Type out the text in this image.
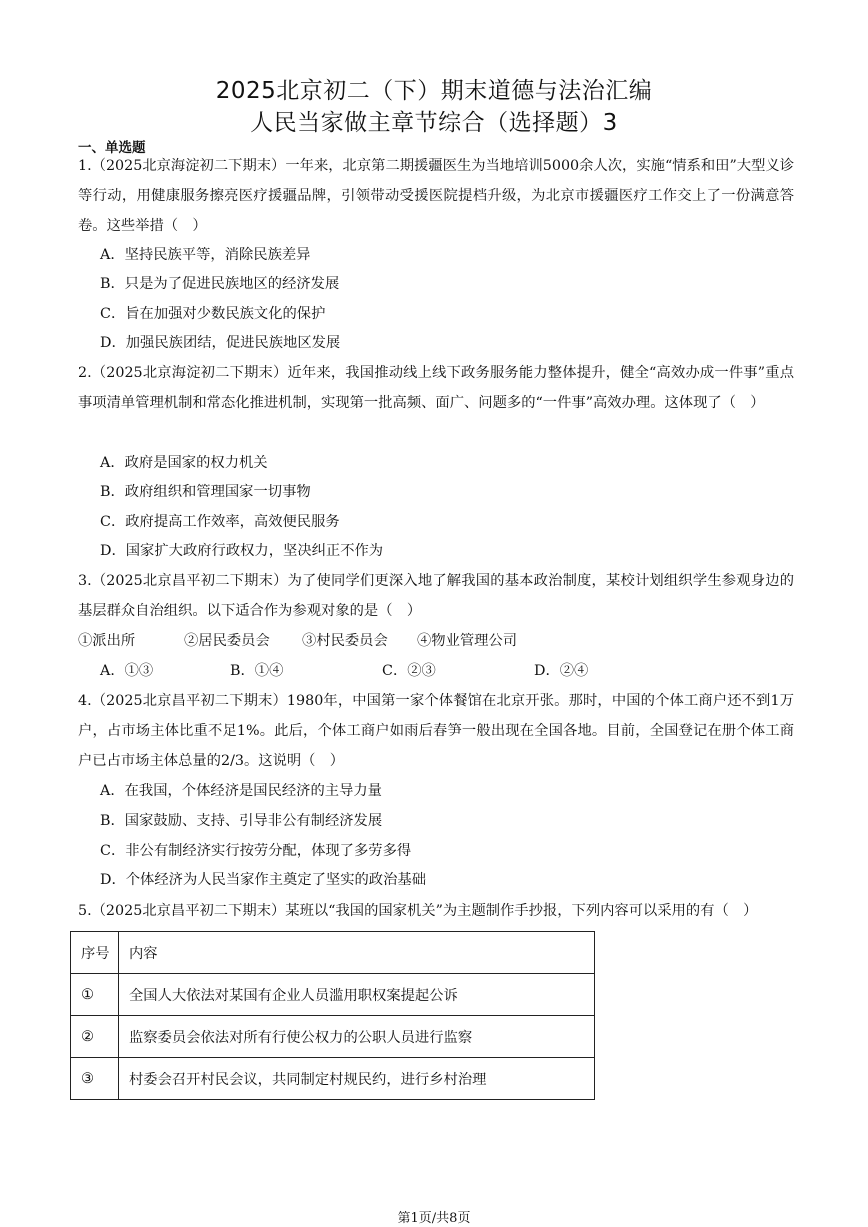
2025北京初二（下）期末道德与法治汇编
人民当家做主章节综合（选择题）3
一、单选题
1.（2025北京海淀初二下期末）一年来，北京第二期援疆医生为当地培训5000余人次，实施“情系和田”大型义诊等行动，用健康服务擦亮医疗援疆品牌，引领带动受援医院提档升级，为北京市援疆医疗工作交上了一份满意答卷。这些举措（　）
A．坚持民族平等，消除民族差异
B．只是为了促进民族地区的经济发展
C．旨在加强对少数民族文化的保护
D．加强民族团结，促进民族地区发展
2.（2025北京海淀初二下期末）近年来，我国推动线上线下政务服务能力整体提升，健全“高效办成一件事”重点事项清单管理机制和常态化推进机制，实现第一批高频、面广、问题多的“一件事”高效办理。这体现了（　）
A．政府是国家的权力机关
B．政府组织和管理国家一切事物
C．政府提高工作效率，高效便民服务
D．国家扩大政府行政权力，坚决纠正不作为
3.（2025北京昌平初二下期末）为了使同学们更深入地了解我国的基本政治制度，某校计划组织学生参观身边的基层群众自治组织。以下适合作为参观对象的是（　）
①派出所	②居民委员会 ③村民委员会 ④物业管理公司
A．①③	B．①④	C．②③	D．②④
4.（2025北京昌平初二下期末）1980年，中国第一家个体餐馆在北京开张。那时，中国的个体工商户还不到1万户，占市场主体比重不足1%。此后，个体工商户如雨后春笋一般出现在全国各地。目前，全国登记在册个体工商户已占市场主体总量的2/3。这说明（　）
A．在我国，个体经济是国民经济的主导力量
B．国家鼓励、支持、引导非公有制经济发展
C．非公有制经济实行按劳分配，体现了多劳多得
D．个体经济为人民当家作主奠定了坚实的政治基础
5.（2025北京昌平初二下期末）某班以“我国的国家机关”为主题制作手抄报，下列内容可以采用的有（　）
序号	内容
①	全国人大依法对某国有企业人员滥用职权案提起公诉
②	监察委员会依法对所有行使公权力的公职人员进行监察
③	村委会召开村民会议，共同制定村规民约，进行乡村治理
第1页/共8页
